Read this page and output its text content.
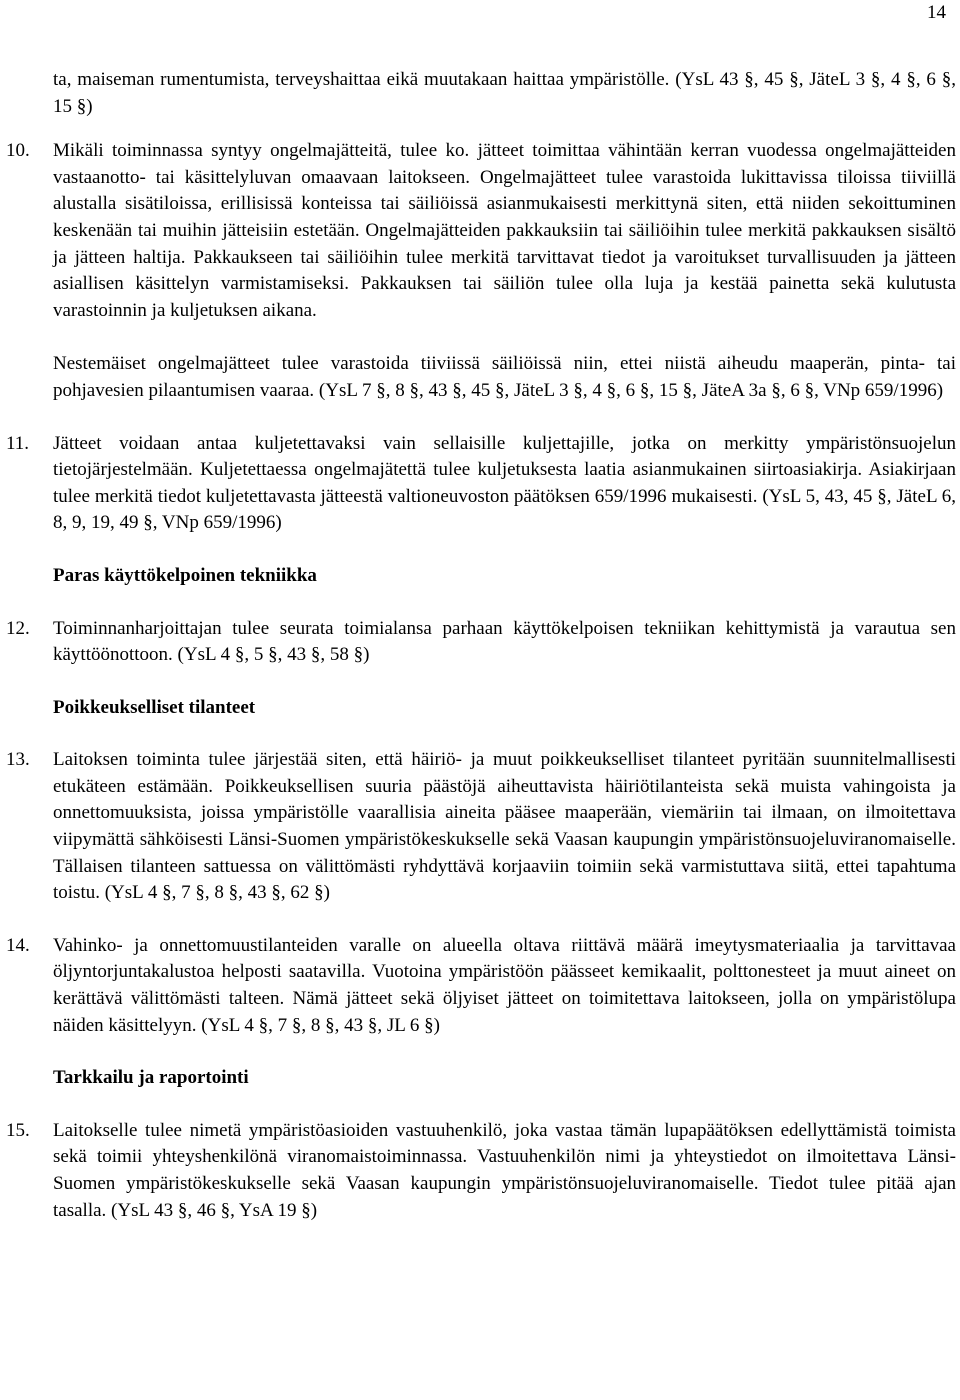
14
ta, maiseman rumentumista, terveyshaittaa eikä muutakaan haittaa ympäristölle. (YsL 43 §, 45 §, JäteL 3 §, 4 §, 6 §, 15 §)
10. Mikäli toiminnassa syntyy ongelmajätteitä, tulee ko. jätteet toimittaa vähintään kerran vuodessa ongelmajätteiden vastaanotto- tai käsittelyluvan omaavaan laitokseen. Ongelmajätteet tulee varastoida lukittavissa tiloissa tiiviillä alustalla sisätiloissa, erillisissä konteissa tai säiliöissä asianmukaisesti merkittynä siten, että niiden sekoittuminen keskenään tai muihin jätteisiin estetään. Ongelmajätteiden pakkauksiin tai säiliöihin tulee merkitä pakkauksen sisältö ja jätteen haltija. Pakkaukseen tai säiliöihin tulee merkitä tarvittavat tiedot ja varoitukset turvallisuuden ja jätteen asiallisen käsittelyn varmistamiseksi. Pakkauksen tai säiliön tulee olla luja ja kestää painetta sekä kulutusta varastoinnin ja kuljetuksen aikana.
Nestemäiset ongelmajätteet tulee varastoida tiiviissä säiliöissä niin, ettei niistä aiheudu maaperän, pinta- tai pohjavesien pilaantumisen vaaraa. (YsL 7 §, 8 §, 43 §, 45 §, JäteL 3 §, 4 §, 6 §, 15 §, JäteA 3a §, 6 §, VNp 659/1996)
11. Jätteet voidaan antaa kuljetettavaksi vain sellaisille kuljettajille, jotka on merkitty ympäristönsuojelun tietojärjestelmään. Kuljetettaessa ongelmajätettä tulee kuljetuksesta laatia asianmukainen siirtoasiakirja. Asiakirjaan tulee merkitä tiedot kuljetettavasta jätteestä valtioneuvoston päätöksen 659/1996 mukaisesti. (YsL 5, 43, 45 §, JäteL 6, 8, 9, 19, 49 §, VNp 659/1996)
Paras käyttökelpoinen tekniikka
12. Toiminnanharjoittajan tulee seurata toimialansa parhaan käyttökelpoisen tekniikan kehittymistä ja varautua sen käyttöönottoon. (YsL 4 §, 5 §, 43 §, 58 §)
Poikkeukselliset tilanteet
13. Laitoksen toiminta tulee järjestää siten, että häiriö- ja muut poikkeukselliset tilanteet pyritään suunnitelmallisesti etukäteen estämään. Poikkeuksellisen suuria päästöjä aiheuttavista häiriötilanteista sekä muista vahingoista ja onnettomuuksista, joissa ympäristölle vaarallisia aineita pääsee maaperään, viemäriin tai ilmaan, on ilmoitettava viipymättä sähköisesti Länsi-Suomen ympäristökeskukselle sekä Vaasan kaupungin ympäristönsuojeluviranomaiselle. Tällaisen tilanteen sattuessa on välittömästi ryhdyttävä korjaaviin toimiin sekä varmistuttava siitä, ettei tapahtuma toistu. (YsL 4 §, 7 §, 8 §, 43 §, 62 §)
14. Vahinko- ja onnettomuustilanteiden varalle on alueella oltava riittävä määrä imeytysmateriaalia ja tarvittavaa öljyntorjuntakalustoa helposti saatavilla. Vuotoina ympäristöön päässeet kemikaalit, polttonesteet ja muut aineet on kerättävä välittömästi talteen. Nämä jätteet sekä öljyiset jätteet on toimitettava laitokseen, jolla on ympäristölupa näiden käsittelyyn. (YsL 4 §, 7 §, 8 §, 43 §, JL 6 §)
Tarkkailu ja raportointi
15. Laitokselle tulee nimetä ympäristöasioiden vastuuhenkilö, joka vastaa tämän lupapäätöksen edellyttämistä toimista sekä toimii yhteyshenkilönä viranomaistoiminnassa. Vastuuhenkilön nimi ja yhteystiedot on ilmoitettava Länsi-Suomen ympäristökeskukselle sekä Vaasan kaupungin ympäristönsuojeluviranomaiselle. Tiedot tulee pitää ajan tasalla. (YsL 43 §, 46 §, YsA 19 §)
